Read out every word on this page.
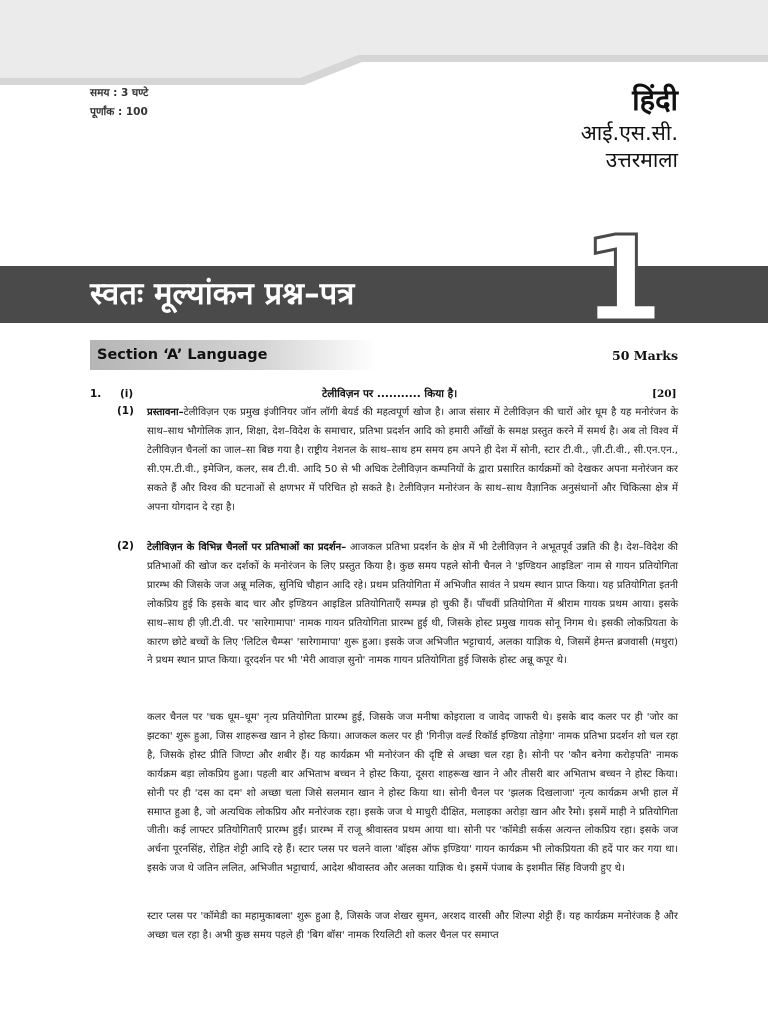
समय : 3 घण्टे
पूर्णांक : 100	हिंदी
आई.एस.सी.
उत्तरमाला
स्वतः मूल्यांकन प्रश्न–पत्र 1
Section ‘A’ Language	50 Marks
1. (i)	टेलीविज़न पर ........... किया है।	[20]
(1) प्रस्तावना–टेलीविज़न एक प्रमुख इंजीनियर जॉन लॉगी बेयर्ड की महत्वपूर्ण खोज है। आज संसार में टेलीविज़न की चारों ओर धूम है यह मनोरंजन के साथ–साथ भौगोलिक ज्ञान, शिक्षा, देश–विदेश के समाचार, प्रतिभा प्रदर्शन आदि को हमारी आँखों के समक्ष प्रस्तुत करने में समर्थ है। अब तो विश्व में टेलीविज़न चैनलों का जाल–सा बिछ गया है। राष्ट्रीय नेशनल के साथ–साथ हम समय हम अपने ही देश में सोनी, स्टार टी.वी., ज़ी.टी.वी., सी.एन.एन., सी.एम.टी.वी., इमेजिन, कलर, सब टी.वी. आदि 50 से भी अधिक टेलीविज़न कम्पनियों के द्वारा प्रसारित कार्यक्रमों को देखकर अपना मनोरंजन कर सकते हैं और विश्व की घटनाओं से क्षणभर में परिचित हो सकते है। टेलीविज़न मनोरंजन के साथ–साथ वैज्ञानिक अनुसंधानों और चिकित्सा क्षेत्र में अपना योगदान दे रहा है।

(2) टेलीविज़न के विभिन्न चैनलों पर प्रतिभाओं का प्रदर्शन– आजकल प्रतिभा प्रदर्शन के क्षेत्र में भी टेलीविज़न ने अभूतपूर्व उन्नति की है। देश–विदेश की प्रतिभाओं की खोज कर दर्शकों के मनोरंजन के लिए प्रस्तुत किया है। कुछ समय पहले सोनी चैनल ने 'इण्डियन आइडिल' नाम से गायन प्रतियोगिता प्रारम्भ की जिसके जज अन्नू मलिक, सुनिधि चौहान आदि रहे। प्रथम प्रतियोगिता में अभिजीत सावंत ने प्रथम स्थान प्राप्त किया। यह प्रतियोगिता इतनी लोकप्रिय हुई कि इसके बाद चार और इण्डियन आइडिल प्रतियोगिताएँ सम्पन्न हो चुकी हैं। पाँचवीं प्रतियोगिता में श्रीराम गायक प्रथम आया। इसके साथ–साथ ही ज़ी.टी.वी. पर 'सारेगामापा' नामक गायन प्रतियोगिता प्रारम्भ हुई थी, जिसके होस्ट प्रमुख गायक सोनू निगम थे। इसकी लोकप्रियता के कारण छोटे बच्चों के लिए 'लिटिल चैम्प्स' 'सारेगामापा' शुरू हुआ। इसके जज अभिजीत भट्टाचार्य, अलका याज्ञिक थे, जिसमें हेमन्त ब्रजवासी (मथुरा) ने प्रथम स्थान प्राप्त किया। दूरदर्शन पर भी 'मेरी आवाज़ सुनो' नामक गायन प्रतियोगिता हुई जिसके होस्ट अन्नू कपूर थे।

कलर चैनल पर 'चक धूम–धूम' नृत्य प्रतियोगिता प्रारम्भ हुई, जिसके जज मनीषा कोइराला व जावेद जाफरी थे। इसके बाद कलर पर ही 'जोर का झटका' शुरू हुआ, जिस शाहरूख खान ने होस्ट किया। आजकल कलर पर ही 'गिनीज़ वर्ल्ड रिकॉर्ड इण्डिया तोड़ेगा' नामक प्रतिभा प्रदर्शन शो चल रहा है, जिसके होस्ट प्रीति जिण्टा और शबीर हैं। यह कार्यक्रम भी मनोरंजन की दृष्टि से अच्छा चल रहा है। सोनी पर 'कौन बनेगा करोड़पति' नामक कार्यक्रम बड़ा लोकप्रिय हुआ। पहली बार अभिताभ बच्चन ने होस्ट किया, दूसरा शाहरूख खान ने और तीसरी बार अभिताभ बच्चन ने होस्ट किया। सोनी पर ही 'दस का दम' शो अच्छा चला जिसे सलमान खान ने होस्ट किया था। सोनी चैनल पर 'झलक दिखलाजा' नृत्य कार्यक्रम अभी हाल में समाप्त हुआ है, जो अत्यधिक लोकप्रिय और मनोरंजक रहा। इसके जज थे माधुरी दीक्षित, मलाइका अरोड़ा खान और रैमो। इसमें माही ने प्रतियोगिता जीती। कई लाफ्टर प्रतियोगिताएँ प्रारम्भ हुईं। प्रारम्भ में राजू श्रीवास्तव प्रथम आया था। सोनी पर 'कॉमेडी सर्कस अत्यन्त लोकप्रिय रहा। इसके जज अर्चना पूरनसिंह, रोहित शेट्टी आदि रहे हैं। स्टार प्लस पर चलने वाला 'बॉइस ऑफ इण्डिया' गायन कार्यक्रम भी लोकप्रियता की हदें पार कर गया था। इसके जज थे जतिन ललित, अभिजीत भट्टाचार्य, आदेश श्रीवास्तव और अलका याज्ञिक थे। इसमें पंजाब के इशमीत सिंह विजयी हुए थे।

स्टार प्लस पर 'कॉमेडी का महामुकाबला' शुरू हुआ है, जिसके जज शेखर सुमन, अरशद वारसी और शिल्पा शेट्टी हैं। यह कार्यक्रम मनोरंजक है और अच्छा चल रहा है। अभी कुछ समय पहले ही 'बिग बॉस' नामक रियलिटी शो कलर चैनल पर समाप्त
